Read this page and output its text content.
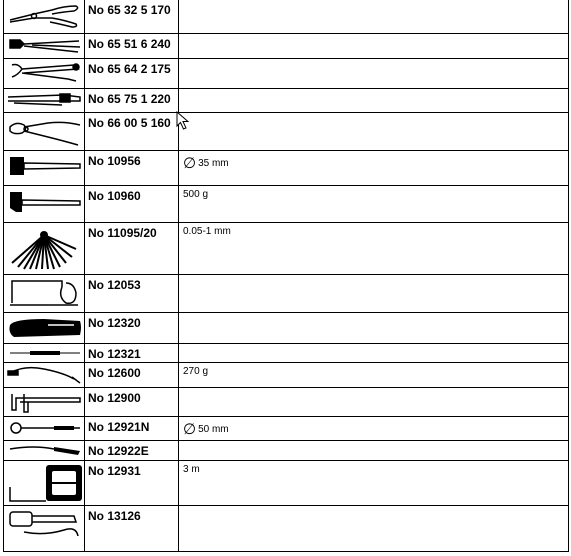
	No 65 32 5 170	

	No 65 51 6 240	

	No 65 64 2 175	

	No 65 75 1 220	

	No 66 00 5 160	

	No 10956	∅ 35 mm

	No 10960	500 g

	No 11095/20	0.05-1 mm

	No 12053	

	No 12320	

	No 12321	

	No 12600	270 g

	No 12900	

	No 12921N	∅ 50 mm

	No 12922E	

	No 12931	3 m

	No 13126	
